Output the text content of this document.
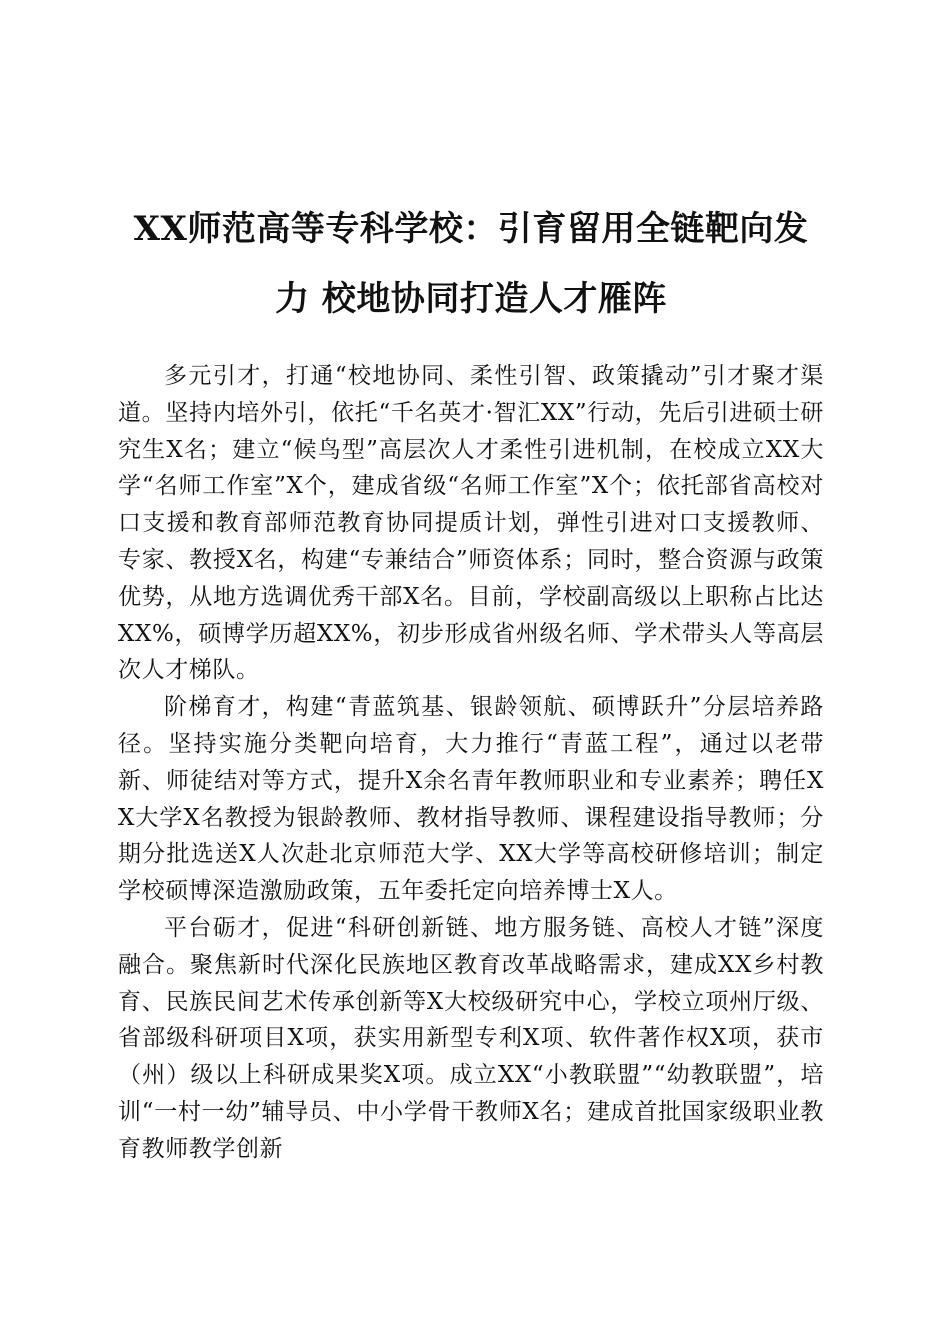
XX师范高等专科学校：引育留用全链靶向发
力 校地协同打造人才雁阵

多元引才，打通“校地协同、柔性引智、政策撬动”引才聚才渠道。坚持内培外引，依托“千名英才·智汇XX”行动，先后引进硕士研究生X名；建立“候鸟型”高层次人才柔性引进机制，在校成立XX大学“名师工作室”X个，建成省级“名师工作室”X个；依托部省高校对口支援和教育部师范教育协同提质计划，弹性引进对口支援教师、专家、教授X名，构建“专兼结合”师资体系；同时，整合资源与政策优势，从地方选调优秀干部X名。目前，学校副高级以上职称占比达XX%，硕博学历超XX%，初步形成省州级名师、学术带头人等高层次人才梯队。

阶梯育才，构建“青蓝筑基、银龄领航、硕博跃升”分层培养路径。坚持实施分类靶向培育，大力推行“青蓝工程”，通过以老带新、师徒结对等方式，提升X余名青年教师职业和专业素养；聘任XX大学X名教授为银龄教师、教材指导教师、课程建设指导教师；分期分批选送X人次赴北京师范大学、XX大学等高校研修培训；制定学校硕博深造激励政策，五年委托定向培养博士X人。

平台砺才，促进“科研创新链、地方服务链、高校人才链”深度融合。聚焦新时代深化民族地区教育改革战略需求，建成XX乡村教育、民族民间艺术传承创新等X大校级研究中心，学校立项州厅级、省部级科研项目X项，获实用新型专利X项、软件著作权X项，获市（州）级以上科研成果奖X项。成立XX“小教联盟”“幼教联盟”，培训“一村一幼”辅导员、中小学骨干教师X名；建成首批国家级职业教育教师教学创新
